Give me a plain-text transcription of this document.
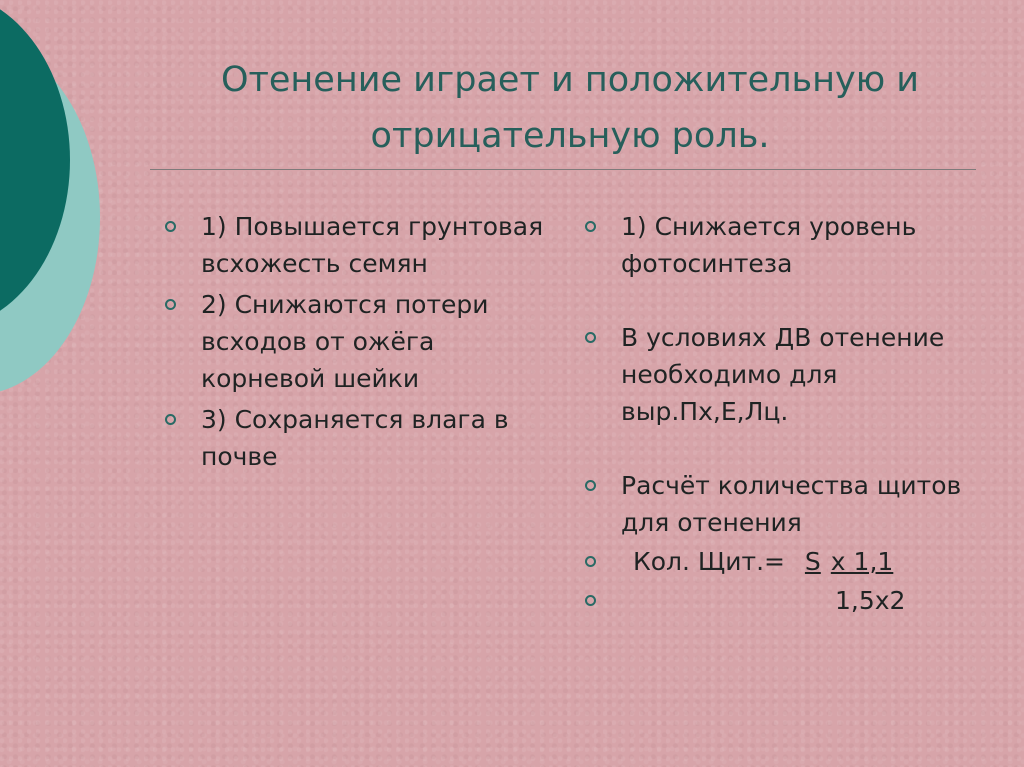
Отенение играет и положительную и отрицательную роль.

1) Повышается грунтовая всхожесть семян

2) Снижаются потери всходов от ожёга корневой шейки

3) Сохраняется влага в почве

1) Снижается уровень фотосинтеза

В условиях ДВ отенение необходимо для выр.Пх,Е,Лц.

Расчёт количества щитов для отенения

Кол. Щит.= S x 1,1

1,5x2
